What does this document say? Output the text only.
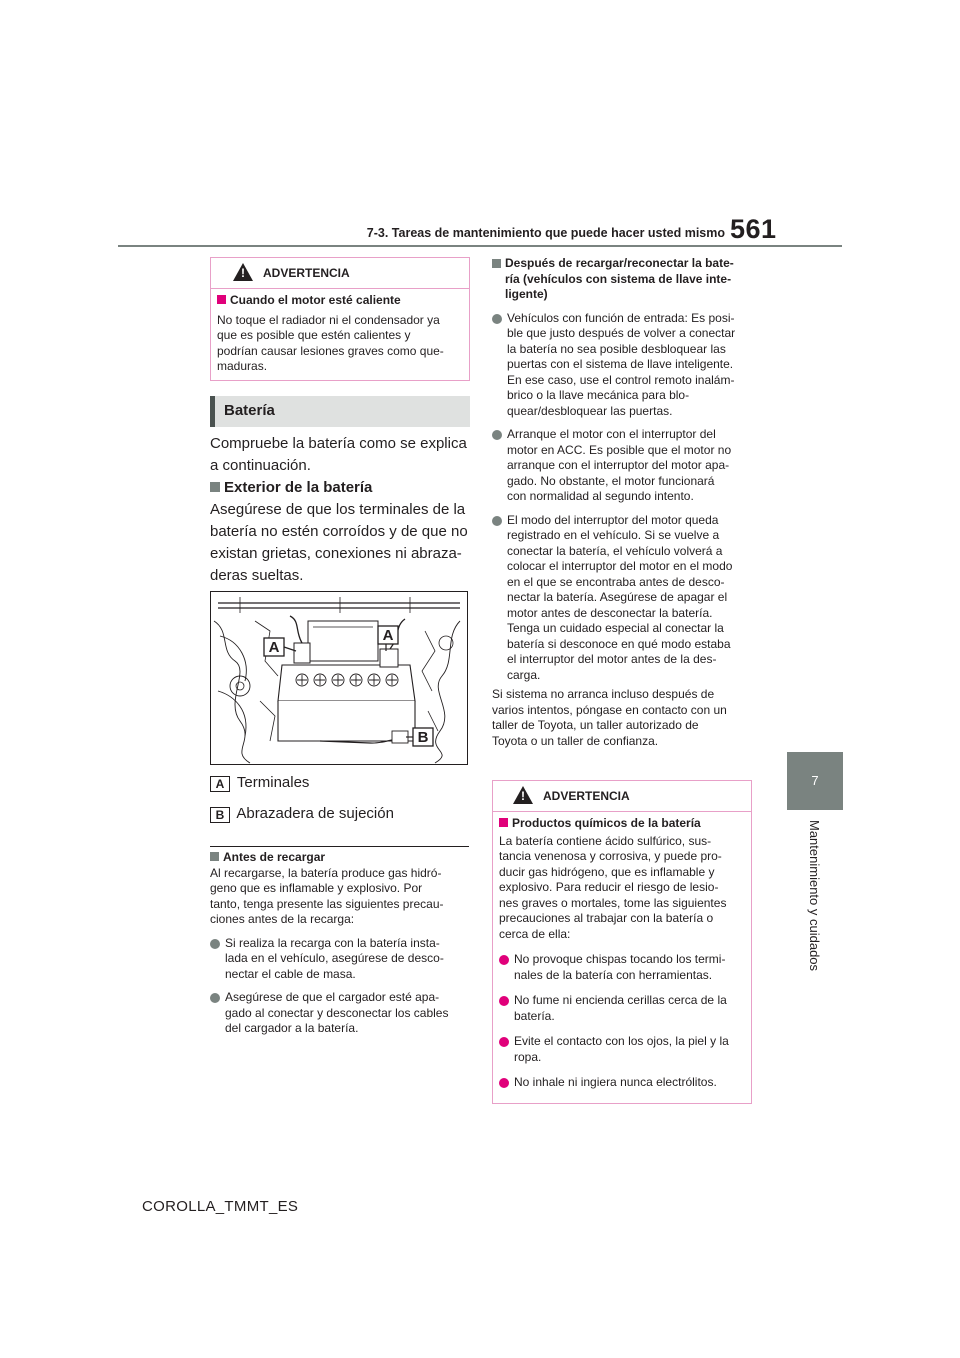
7-3. Tareas de mantenimiento que puede hacer usted mismo 561
7
Mantenimiento y cuidados
!
ADVERTENCIA
Cuando el motor esté caliente
No toque el radiador ni el condensador ya
que es posible que estén calientes y
podrían causar lesiones graves como que-
maduras.
Batería
Compruebe la batería como se explica
a continuación.
Exterior de la batería
Asegúrese de que los terminales de la
batería no estén corroídos y de que no
existan grietas, conexiones ni abraza-
deras sueltas.
A
A
B
A Terminales
B Abrazadera de sujeción
Antes de recargar
Al recargarse, la batería produce gas hidró-
geno que es inflamable y explosivo. Por
tanto, tenga presente las siguientes precau-
ciones antes de la recarga:
Si realiza la recarga con la batería insta-
lada en el vehículo, asegúrese de desco-
nectar el cable de masa.
Asegúrese de que el cargador esté apa-
gado al conectar y desconectar los cables
del cargador a la batería.
Después de recargar/reconectar la bate-
ría (vehículos con sistema de llave inte-
ligente)
Vehículos con función de entrada: Es posi-
ble que justo después de volver a conectar
la batería no sea posible desbloquear las
puertas con el sistema de llave inteligente.
En ese caso, use el control remoto inalám-
brico o la llave mecánica para blo-
quear/desbloquear las puertas.
Arranque el motor con el interruptor del
motor en ACC. Es posible que el motor no
arranque con el interruptor del motor apa-
gado. No obstante, el motor funcionará
con normalidad al segundo intento.
El modo del interruptor del motor queda
registrado en el vehículo. Si se vuelve a
conectar la batería, el vehículo volverá a
colocar el interruptor del motor en el modo
en el que se encontraba antes de desco-
nectar la batería. Asegúrese de apagar el
motor antes de desconectar la batería.
Tenga un cuidado especial al conectar la
batería si desconoce en qué modo estaba
el interruptor del motor antes de la des-
carga.
Si sistema no arranca incluso después de
varios intentos, póngase en contacto con un
taller de Toyota, un taller autorizado de
Toyota o un taller de confianza.
!
ADVERTENCIA
Productos químicos de la batería
La batería contiene ácido sulfúrico, sus-
tancia venenosa y corrosiva, y puede pro-
ducir gas hidrógeno, que es inflamable y
explosivo. Para reducir el riesgo de lesio-
nes graves o mortales, tome las siguientes
precauciones al trabajar con la batería o
cerca de ella:
No provoque chispas tocando los termi-
nales de la batería con herramientas.
No fume ni encienda cerillas cerca de la
batería.
Evite el contacto con los ojos, la piel y la
ropa.
No inhale ni ingiera nunca electrólitos.
COROLLA_TMMT_ES
